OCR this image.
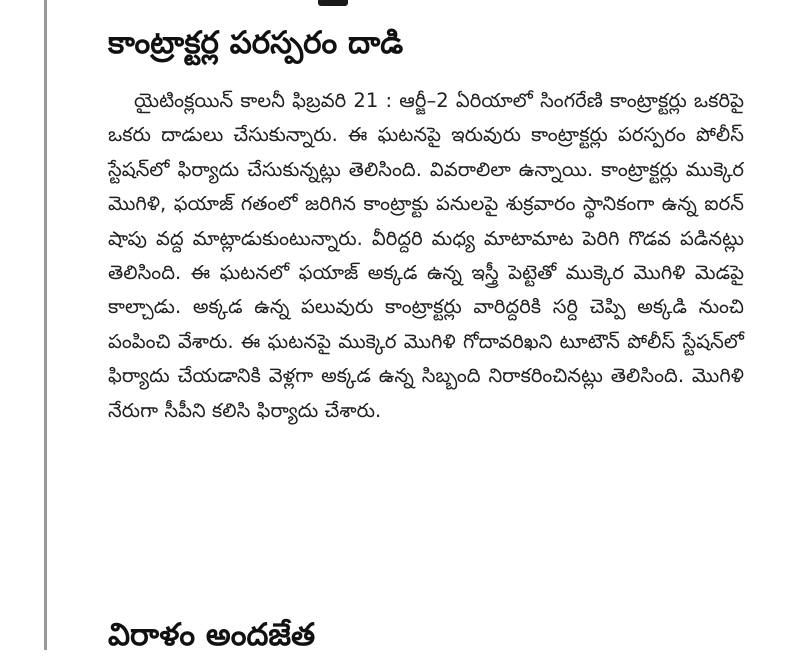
కాంట్రాక్టర్ల పరస్పరం దాడి

యైటింక్లయిన్ కాలనీ ఫిబ్రవరి 21 : ఆర్జీ–2 ఏరియాలో సింగరేణి కాంట్రాక్టర్లు ఒకరిపై ఒకరు దాడులు చేసుకున్నారు. ఈ ఘటనపై ఇరువురు కాంట్రాక్టర్లు పరస్పరం పోలీస్ స్టేషన్‌లో ఫిర్యాదు చేసుకున్నట్లు తెలిసింది. వివరాలిలా ఉన్నాయి. కాంట్రాక్టర్లు ముక్కెర మొగిళి, ఫయాజ్ గతంలో జరిగిన కాంట్రాక్టు పనులపై శుక్రవారం స్థానికంగా ఉన్న ఐరన్ షాపు వద్ద మాట్లాడుకుంటున్నారు. వీరిద్దరి మధ్య మాటామాట పెరిగి గొడవ పడినట్లు తెలిసింది. ఈ ఘటనలో ఫయాజ్ అక్కడ ఉన్న ఇస్త్రీ పెట్టెతో ముక్కెర మొగిళి మెడపై కాల్చాడు. అక్కడ ఉన్న పలువురు కాంట్రాక్టర్లు వారిద్దరికి సర్ది చెప్పి అక్కడి నుంచి పంపించి వేశారు. ఈ ఘటనపై ముక్కెర మొగిళి గోదావరిఖని టూటౌన్ పోలీస్ స్టేషన్‌లో ఫిర్యాదు చేయడానికి వెళ్లగా అక్కడ ఉన్న సిబ్బంది నిరాకరించినట్లు తెలిసింది. మొగిళి నేరుగా సీపీని కలిసి ఫిర్యాదు చేశారు.

విరాళం అందజేత
